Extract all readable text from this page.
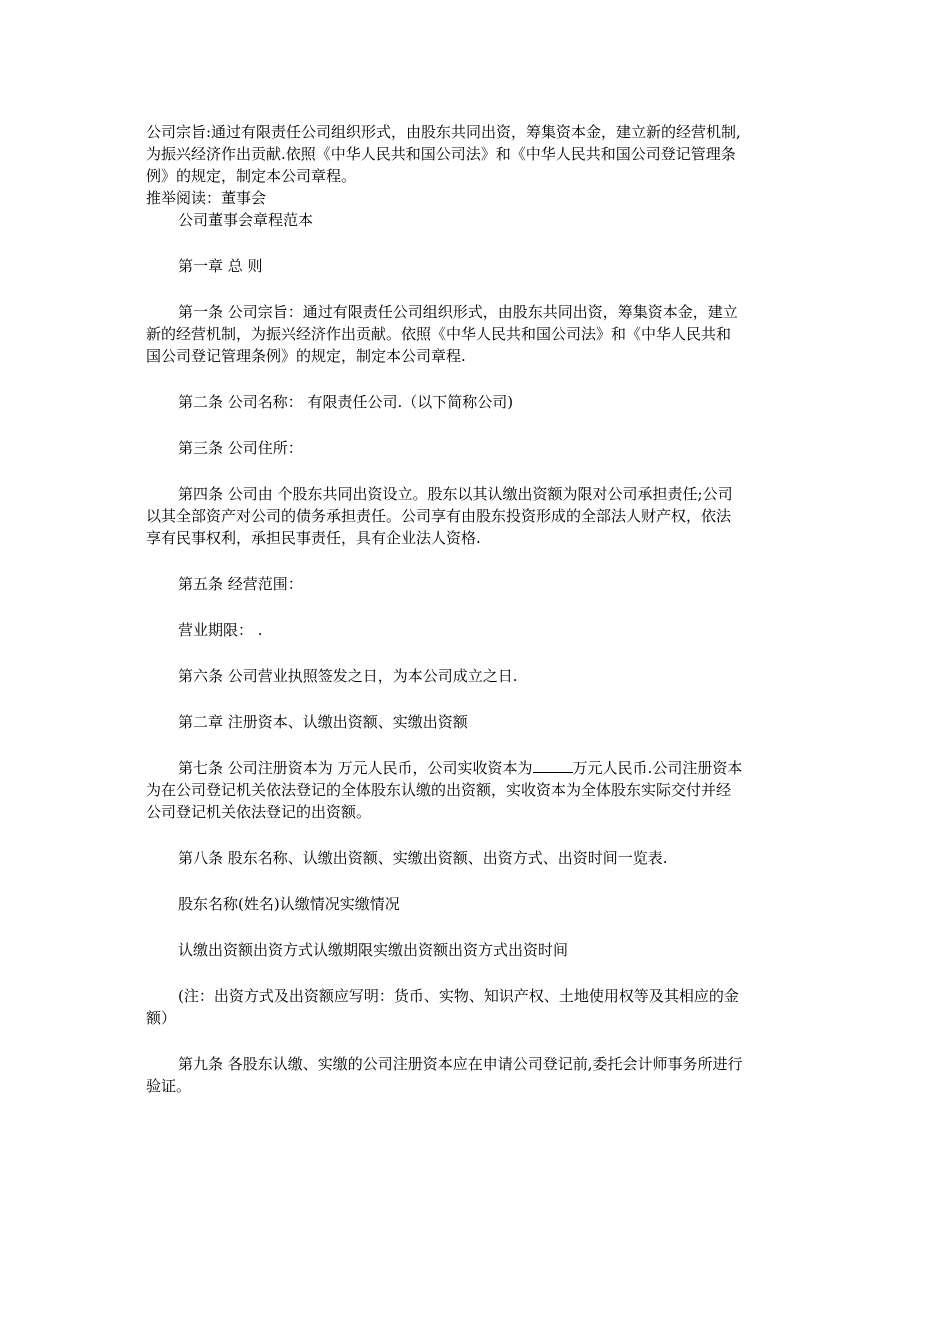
公司宗旨:通过有限责任公司组织形式，由股东共同出资，筹集资本金，建立新的经营机制,
为振兴经济作出贡献.依照《中华人民共和国公司法》和《中华人民共和国公司登记管理条
例》的规定，制定本公司章程。
推举阅读：董事会
公司董事会章程范本
第一章 总 则
第一条 公司宗旨：通过有限责任公司组织形式，由股东共同出资，筹集资本金，建立
新的经营机制，为振兴经济作出贡献。依照《中华人民共和国公司法》和《中华人民共和
国公司登记管理条例》的规定，制定本公司章程.
第二条 公司名称： 有限责任公司.（以下简称公司)
第三条 公司住所：
第四条 公司由 个股东共同出资设立。股东以其认缴出资额为限对公司承担责任;公司
以其全部资产对公司的债务承担责任。公司享有由股东投资形成的全部法人财产权，依法
享有民事权利，承担民事责任，具有企业法人资格.
第五条 经营范围：
营业期限： .
第六条 公司营业执照签发之日，为本公司成立之日.
第二章 注册资本、认缴出资额、实缴出资额
第七条 公司注册资本为 万元人民币，公司实收资本为	万元人民币.公司注册资本
为在公司登记机关依法登记的全体股东认缴的出资额，实收资本为全体股东实际交付并经
公司登记机关依法登记的出资额。
第八条 股东名称、认缴出资额、实缴出资额、出资方式、出资时间一览表.
股东名称(姓名)认缴情况实缴情况
认缴出资额出资方式认缴期限实缴出资额出资方式出资时间
(注：出资方式及出资额应写明：货币、实物、知识产权、土地使用权等及其相应的金
额）
第九条 各股东认缴、实缴的公司注册资本应在申请公司登记前,委托会计师事务所进行
验证。
